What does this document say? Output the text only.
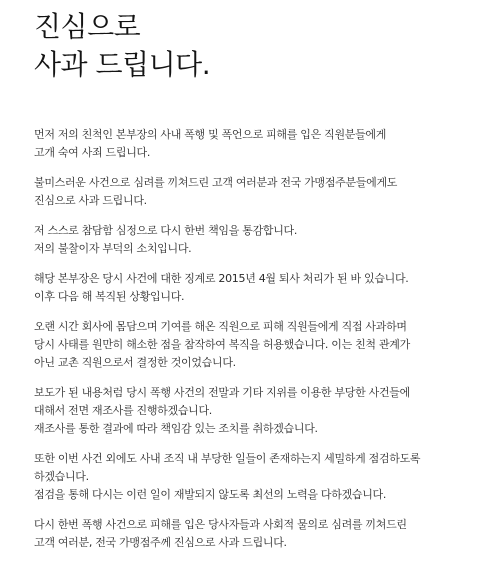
진심으로
사과 드립니다.

먼저 저의 친척인 본부장의 사내 폭행 및 폭언으로 피해를 입은 직원분들에게
고개 숙여 사죄 드립니다.

불미스러운 사건으로 심려를 끼쳐드린 고객 여러분과 전국 가맹점주분들에게도
진심으로 사과 드립니다.

저 스스로 참담함 심정으로 다시 한번 책임을 통감합니다.
저의 불찰이자 부덕의 소치입니다.

해당 본부장은 당시 사건에 대한 징계로 2015년 4월 퇴사 처리가 된 바 있습니다.
이후 다음 해 복직된 상황입니다.

오랜 시간 회사에 몸담으며 기여를 해온 직원으로 피해 직원들에게 직접 사과하며
당시 사태를 원만히 해소한 점을 참작하여 복직을 허용했습니다. 이는 친척 관계가
아닌 교촌 직원으로서 결정한 것이었습니다.

보도가 된 내용처럼 당시 폭행 사건의 전말과 기타 지위를 이용한 부당한 사건들에
대해서 전면 재조사를 진행하겠습니다.
재조사를 통한 결과에 따라 책임감 있는 조치를 취하겠습니다.

또한 이번 사건 외에도 사내 조직 내 부당한 일들이 존재하는지 세밀하게 점검하도록
하겠습니다.
점검을 통해 다시는 이런 일이 재발되지 않도록 최선의 노력을 다하겠습니다.

다시 한번 폭행 사건으로 피해를 입은 당사자들과 사회적 물의로 심려를 끼쳐드린
고객 여러분, 전국 가맹점주께 진심으로 사과 드립니다.
